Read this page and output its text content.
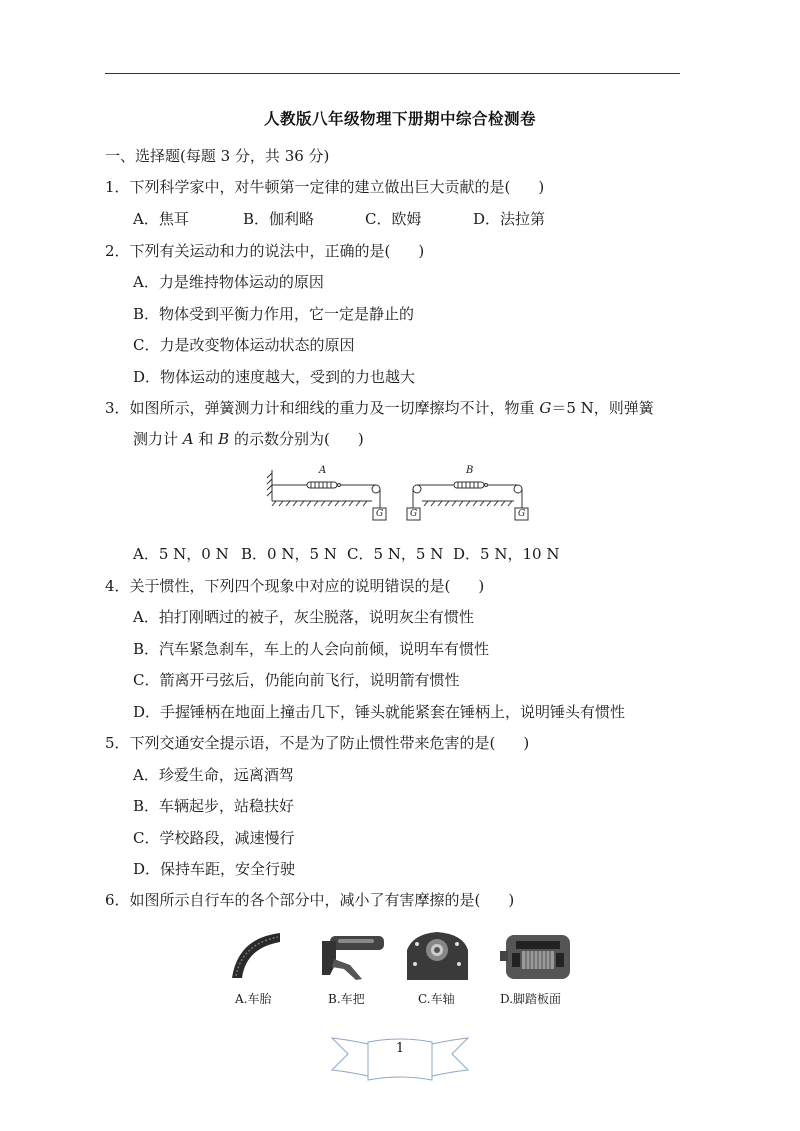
人教版八年级物理下册期中综合检测卷
一、选择题(每题 3 分，共 36 分)
1．下列科学家中，对牛顿第一定律的建立做出巨大贡献的是( )
A．焦耳	B．伽利略	C．欧姆	D．法拉第
2．下列有关运动和力的说法中，正确的是( )
A．力是维持物体运动的原因
B．物体受到平衡力作用，它一定是静止的
C．力是改变物体运动状态的原因
D．物体运动的速度越大，受到的力也越大
3．如图所示，弹簧测力计和细线的重力及一切摩擦均不计，物重 G＝5 N，则弹簧
测力计 A 和 B 的示数分别为( )
A	B
G	G	G
A．5 N，0 N B．0 N，5 N C．5 N，5 N D．5 N，10 N
4．关于惯性，下列四个现象中对应的说明错误的是( )
A．拍打刚晒过的被子，灰尘脱落，说明灰尘有惯性
B．汽车紧急刹车，车上的人会向前倾，说明车有惯性
C．箭离开弓弦后，仍能向前飞行，说明箭有惯性
D．手握锤柄在地面上撞击几下，锤头就能紧套在锤柄上，说明锤头有惯性
5．下列交通安全提示语，不是为了防止惯性带来危害的是( )
A．珍爱生命，远离酒驾
B．车辆起步，站稳扶好
C．学校路段，减速慢行
D．保持车距，安全行驶
6．如图所示自行车的各个部分中，减小了有害摩擦的是( )
A.车胎	B.车把	C.车轴	D.脚踏板面
1
